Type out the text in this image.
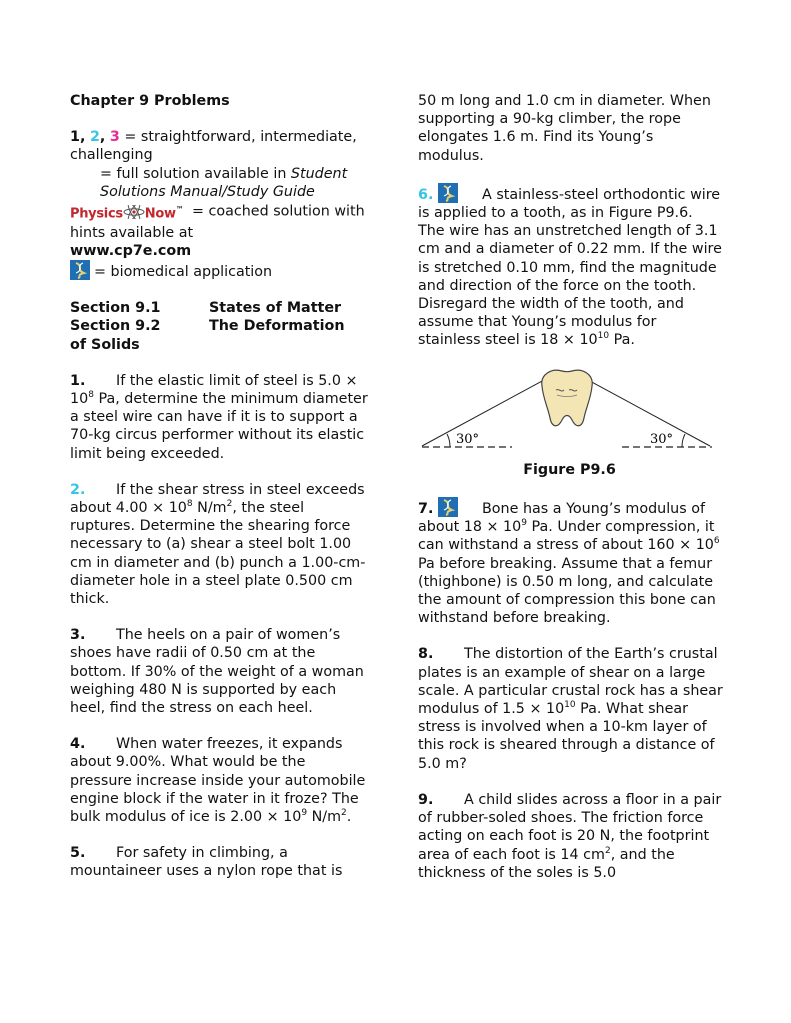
Chapter 9 Problems

1, 2, 3 = straightforward, intermediate, challenging
= full solution available in Student Solutions Manual/Study Guide
Physics Now™ = coached solution with hints available at
www.cp7e.com
= biomedical application
Section 9.1	States of Matter
Section 9.2	The Deformation
of Solids

1. If the elastic limit of steel is $5.0 \times 10^8$ Pa, determine the minimum diameter a steel wire can have if it is to support a 70-kg circus performer without its elastic limit being exceeded.

2. If the shear stress in steel exceeds about $4.00 \times 10^8$ $N/m^2$, the steel ruptures. Determine the shearing force necessary to (a) shear a steel bolt 1.00 cm in diameter and (b) punch a 1.00-cm-diameter hole in a steel plate 0.500 cm thick.

3. The heels on a pair of women’s shoes have radii of 0.50 cm at the bottom. If 30% of the weight of a woman weighing 480 N is supported by each heel, find the stress on each heel.

4. When water freezes, it expands about 9.00%. What would be the pressure increase inside your automobile engine block if the water in it froze? The bulk modulus of ice is $2.00 \times 10^9$ $N/m^2$.

5. For safety in climbing, a mountaineer uses a nylon rope that is

50 m long and 1.0 cm in diameter. When supporting a 90-kg climber, the rope elongates 1.6 m. Find its Young’s modulus.

6.	A stainless-steel orthodontic wire is applied to a tooth, as in Figure P9.6. The wire has an unstretched length of 3.1 cm and a diameter of 0.22 mm. If the wire is stretched 0.10 mm, find the magnitude and direction of the force on the tooth. Disregard the width of the tooth, and assume that Young’s modulus for stainless steel is $18 \times 10^{10}$ Pa.

30°	30°
Figure P9.6

7.	Bone has a Young’s modulus of about $18 \times 10^9$ Pa. Under compression, it can withstand a stress of about $160 \times 10^6$ Pa before breaking. Assume that a femur (thighbone) is 0.50 m long, and calculate the amount of compression this bone can withstand before breaking.

8. The distortion of the Earth’s crustal plates is an example of shear on a large scale. A particular crustal rock has a shear modulus of $1.5 \times 10^{10}$ Pa. What shear stress is involved when a 10-km layer of this rock is sheared through a distance of 5.0 m?

9. A child slides across a floor in a pair of rubber-soled shoes. The friction force acting on each foot is 20 N, the footprint area of each foot is 14 $cm^2$, and the thickness of the soles is 5.0
